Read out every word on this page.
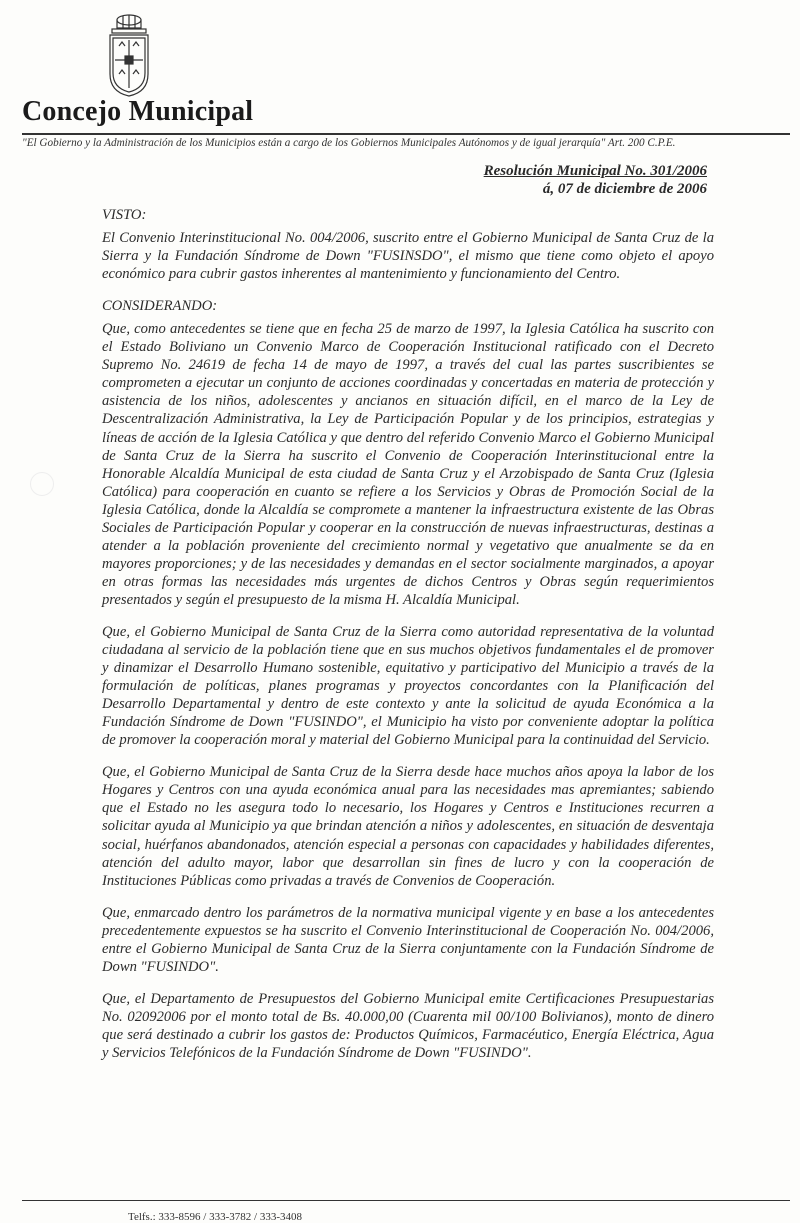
Concejo Municipal
"El Gobierno y la Administración de los Municipios están a cargo de los Gobiernos Municipales Autónomos y de igual jerarquía" Art. 200 C.P.E.
Resolución Municipal No. 301/2006
á, 07 de diciembre de 2006
VISTO:

El Convenio Interinstitucional No. 004/2006, suscrito entre el Gobierno Municipal de Santa Cruz de la Sierra y la Fundación Síndrome de Down "FUSINSDO", el mismo que tiene como objeto el apoyo económico para cubrir gastos inherentes al mantenimiento y funcionamiento del Centro.

CONSIDERANDO:

Que, como antecedentes se tiene que en fecha 25 de marzo de 1997, la Iglesia Católica ha suscrito con el Estado Boliviano un Convenio Marco de Cooperación Institucional ratificado con el Decreto Supremo No. 24619 de fecha 14 de mayo de 1997, a través del cual las partes suscribientes se comprometen a ejecutar un conjunto de acciones coordinadas y concertadas en materia de protección y asistencia de los niños, adolescentes y ancianos en situación difícil, en el marco de la Ley de Descentralización Administrativa, la Ley de Participación Popular y de los principios, estrategias y líneas de acción de la Iglesia Católica y que dentro del referido Convenio Marco el Gobierno Municipal de Santa Cruz de la Sierra ha suscrito el Convenio de Cooperación Interinstitucional entre la Honorable Alcaldía Municipal de esta ciudad de Santa Cruz y el Arzobispado de Santa Cruz (Iglesia Católica) para cooperación en cuanto se refiere a los Servicios y Obras de Promoción Social de la Iglesia Católica, donde la Alcaldía se compromete a mantener la infraestructura existente de las Obras Sociales de Participación Popular y cooperar en la construcción de nuevas infraestructuras, destinas a atender a la población proveniente del crecimiento normal y vegetativo que anualmente se da en mayores proporciones; y de las necesidades y demandas en el sector socialmente marginados, a apoyar en otras formas las necesidades más urgentes de dichos Centros y Obras según requerimientos presentados y según el presupuesto de la misma H. Alcaldía Municipal.

Que, el Gobierno Municipal de Santa Cruz de la Sierra como autoridad representativa de la voluntad ciudadana al servicio de la población tiene que en sus muchos objetivos fundamentales el de promover y dinamizar el Desarrollo Humano sostenible, equitativo y participativo del Municipio a través de la formulación de políticas, planes programas y proyectos concordantes con la Planificación del Desarrollo Departamental y dentro de este contexto y ante la solicitud de ayuda Económica a la Fundación Síndrome de Down "FUSINDO", el Municipio ha visto por conveniente adoptar la política de promover la cooperación moral y material del Gobierno Municipal para la continuidad del Servicio.

Que, el Gobierno Municipal de Santa Cruz de la Sierra desde hace muchos años apoya la labor de los Hogares y Centros con una ayuda económica anual para las necesidades mas apremiantes; sabiendo que el Estado no les asegura todo lo necesario, los Hogares y Centros e Instituciones recurren a solicitar ayuda al Municipio ya que brindan atención a niños y adolescentes, en situación de desventaja social, huérfanos abandonados, atención especial a personas con capacidades y habilidades diferentes, atención del adulto mayor, labor que desarrollan sin fines de lucro y con la cooperación de Instituciones Públicas como privadas a través de Convenios de Cooperación.

Que, enmarcado dentro los parámetros de la normativa municipal vigente y en base a los antecedentes precedentemente expuestos se ha suscrito el Convenio Interinstitucional de Cooperación No. 004/2006, entre el Gobierno Municipal de Santa Cruz de la Sierra conjuntamente con la Fundación Síndrome de Down "FUSINDO".

Que, el Departamento de Presupuestos del Gobierno Municipal emite Certificaciones Presupuestarias No. 02092006 por el monto total de Bs. 40.000,00 (Cuarenta mil 00/100 Bolivianos), monto de dinero que será destinado a cubrir los gastos de: Productos Químicos, Farmacéutico, Energía Eléctrica, Agua y Servicios Telefónicos de la Fundación Síndrome de Down "FUSINDO".

Telfs.: 333-8596 / 333-3782 / 333-3408
